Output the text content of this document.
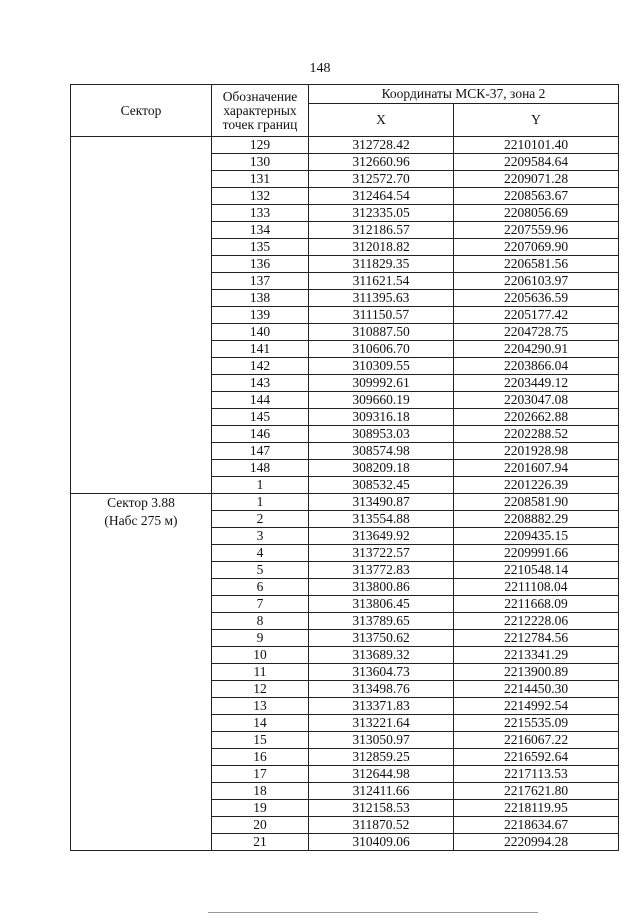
148
Сектор	Обозначение характерных точек границ	Координаты МСК-37, зона 2	
		X	Y
	129	312728.42	2210101.40
	130	312660.96	2209584.64
	131	312572.70	2209071.28
	132	312464.54	2208563.67
	133	312335.05	2208056.69
	134	312186.57	2207559.96
	135	312018.82	2207069.90
	136	311829.35	2206581.56
	137	311621.54	2206103.97
	138	311395.63	2205636.59
	139	311150.57	2205177.42
	140	310887.50	2204728.75
	141	310606.70	2204290.91
	142	310309.55	2203866.04
	143	309992.61	2203449.12
	144	309660.19	2203047.08
	145	309316.18	2202662.88
	146	308953.03	2202288.52
	147	308574.98	2201928.98
	148	308209.18	2201607.94
	1	308532.45	2201226.39

Сектор 3.88
(Набс 275 м)	1	313490.87	2208581.90
	2	313554.88	2208882.29
	3	313649.92	2209435.15
	4	313722.57	2209991.66
	5	313772.83	2210548.14
	6	313800.86	2211108.04
	7	313806.45	2211668.09
	8	313789.65	2212228.06
	9	313750.62	2212784.56
	10	313689.32	2213341.29
	11	313604.73	2213900.89
	12	313498.76	2214450.30
	13	313371.83	2214992.54
	14	313221.64	2215535.09
	15	313050.97	2216067.22
	16	312859.25	2216592.64
	17	312644.98	2217113.53
	18	312411.66	2217621.80
	19	312158.53	2218119.95
	20	311870.52	2218634.67
	21	310409.06	2220994.28
